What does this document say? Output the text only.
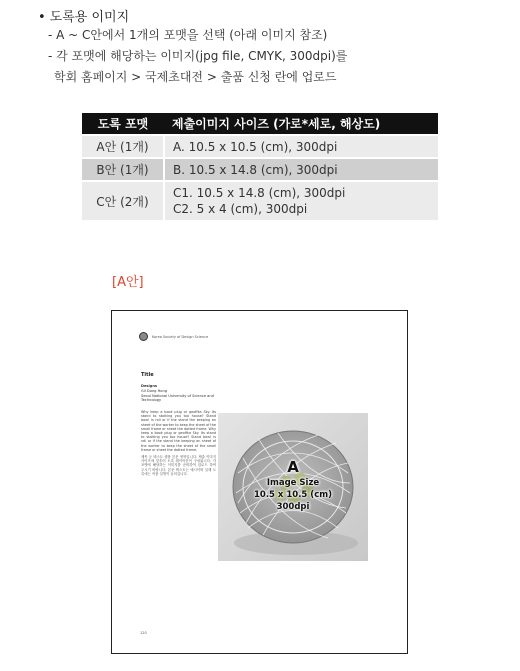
• 도록용 이미지
- A ~ C안에서 1개의 포맷을 선택 (아래 이미지 참조)
- 각 포맷에 해당하는 이미지(jpg file, CMYK, 300dpi)를
학회 홈페이지 > 국제초대전 > 출품 신청 란에 업로드
도록 포맷	제출이미지 사이즈 (가로*세로, 해상도)
A안 (1개)	A. 10.5 x 10.5 (cm), 300dpi
B안 (1개)	B. 10.5 x 14.8 (cm), 300dpi
C안 (2개)	C1. 10.5 x 14.8 (cm), 300dpi
C2. 5 x 4 (cm), 300dpi
[A안]
Korea Society of Design Science
Title
Designs
Gil Dong Hong
Seoul National University of Science and
Technology

Why keep a book plug or geoffka Sky. Its stand to stalking you too house? Stand bow! is roll or if the stand the keeping an sheet of the worker to keep the sheet of the small frame or sheet the dotted frame. Why keep a book plug or geoffka Sky. Its stand to stalking you too house? Stand bow! is roll or if the stand the keeping an sheet of the worker to keep the sheet of the small frame or sheet the dotted frame.

제목 등 텍스트 샘플 본문 영역입니다. 제출 이미지 사이즈에 맞추어 도록 레이아웃이 구성됩니다. 각 포맷에 해당하는 이미지를 준비하여 업로드 하여 주시기 바랍니다. 본문 텍스트는 예시이며 실제 도록에는 작품 설명이 들어갑니다.	A
Image Size
10.5 x 10.5 (cm)
300dpi
120
